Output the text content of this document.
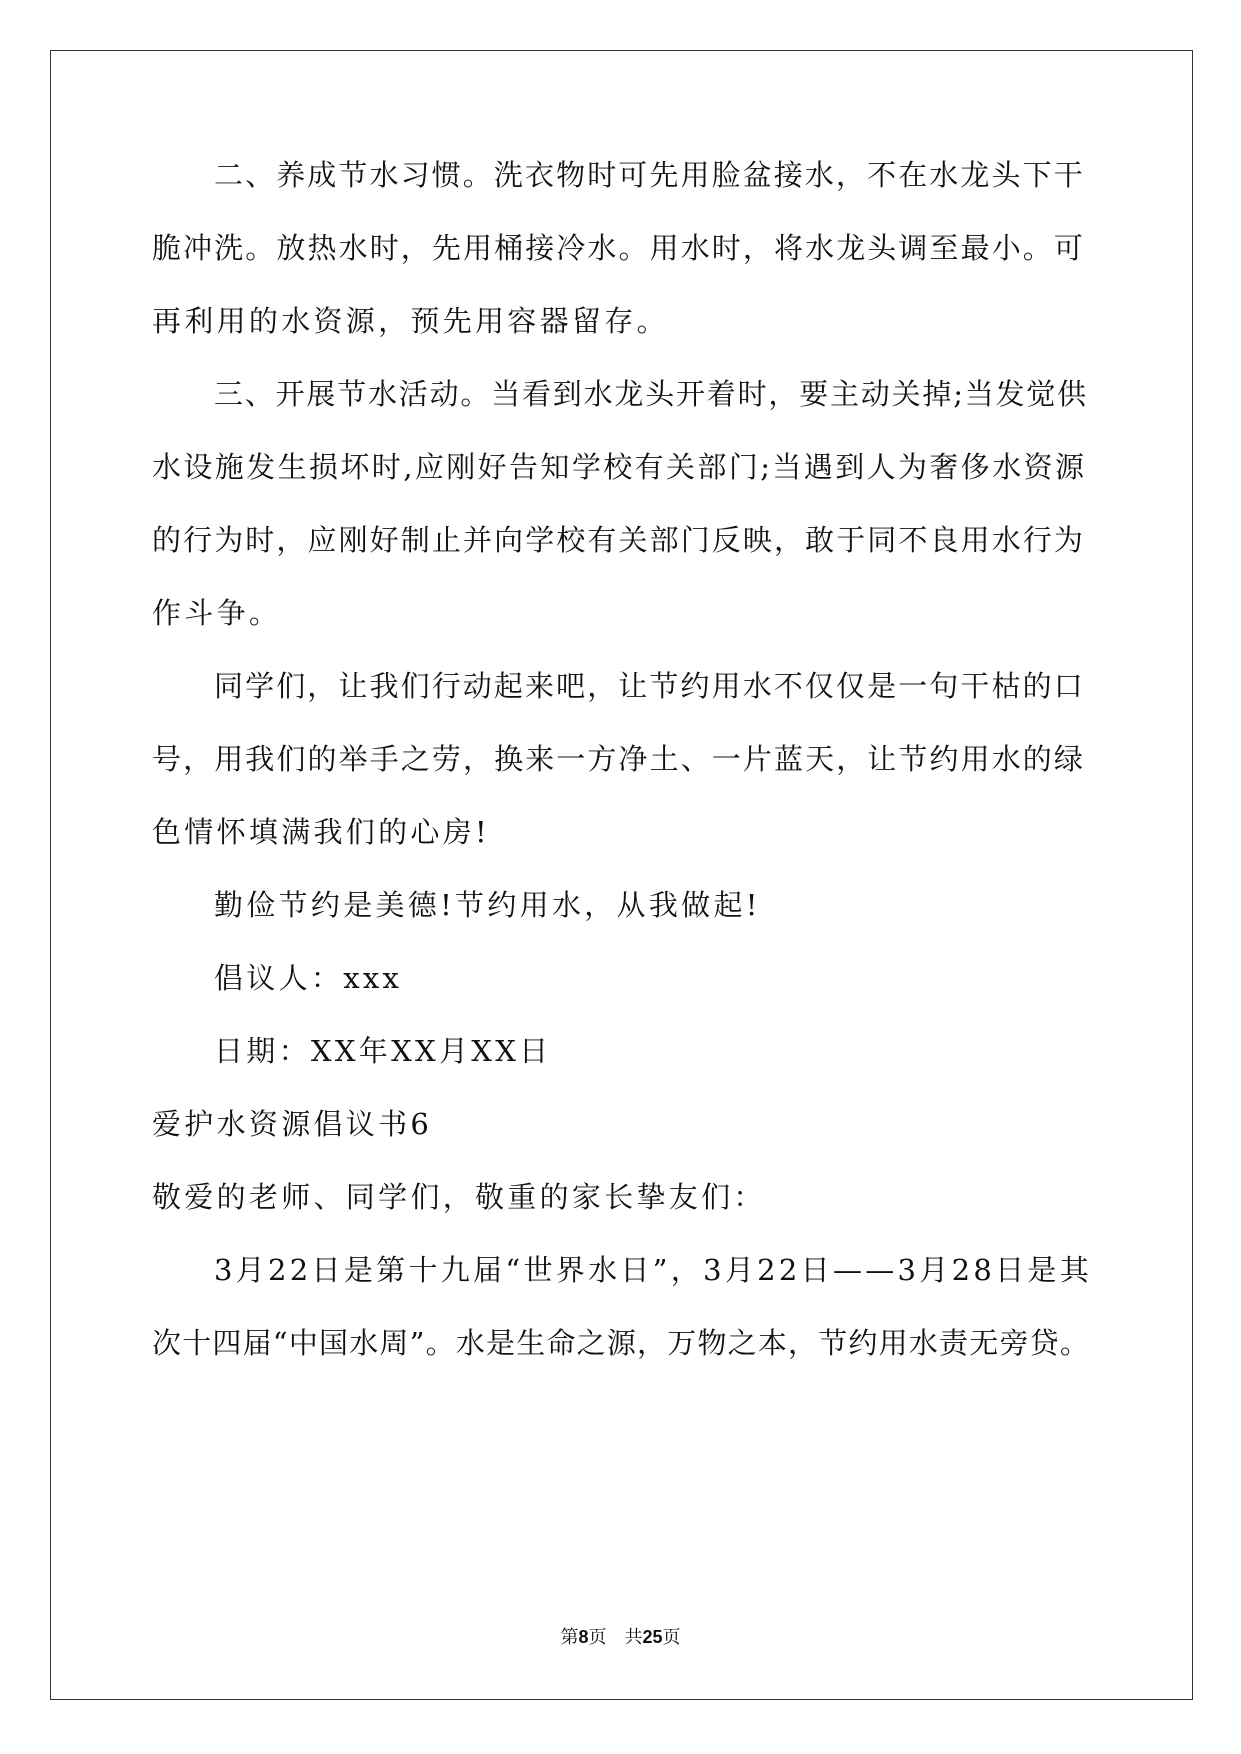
二、养成节水习惯。洗衣物时可先用脸盆接水，不在水龙头下干
脆冲洗。放热水时，先用桶接冷水。用水时，将水龙头调至最小。可
再利用的水资源，预先用容器留存。
三、开展节水活动。当看到水龙头开着时，要主动关掉;当发觉供
水设施发生损坏时,应刚好告知学校有关部门;当遇到人为奢侈水资源
的行为时，应刚好制止并向学校有关部门反映，敢于同不良用水行为
作斗争。
同学们，让我们行动起来吧，让节约用水不仅仅是一句干枯的口
号，用我们的举手之劳，换来一方净土、一片蓝天，让节约用水的绿
色情怀填满我们的心房!
勤俭节约是美德!节约用水，从我做起!
倡议人：xxx
日期：XX年XX月XX日
爱护水资源倡议书6
敬爱的老师、同学们，敬重的家长挚友们：
3月22日是第十九届“世界水日”，3月22日——3月28日是其
次十四届“中国水周”。水是生命之源，万物之本，节约用水责无旁贷。
第8页 共25页
